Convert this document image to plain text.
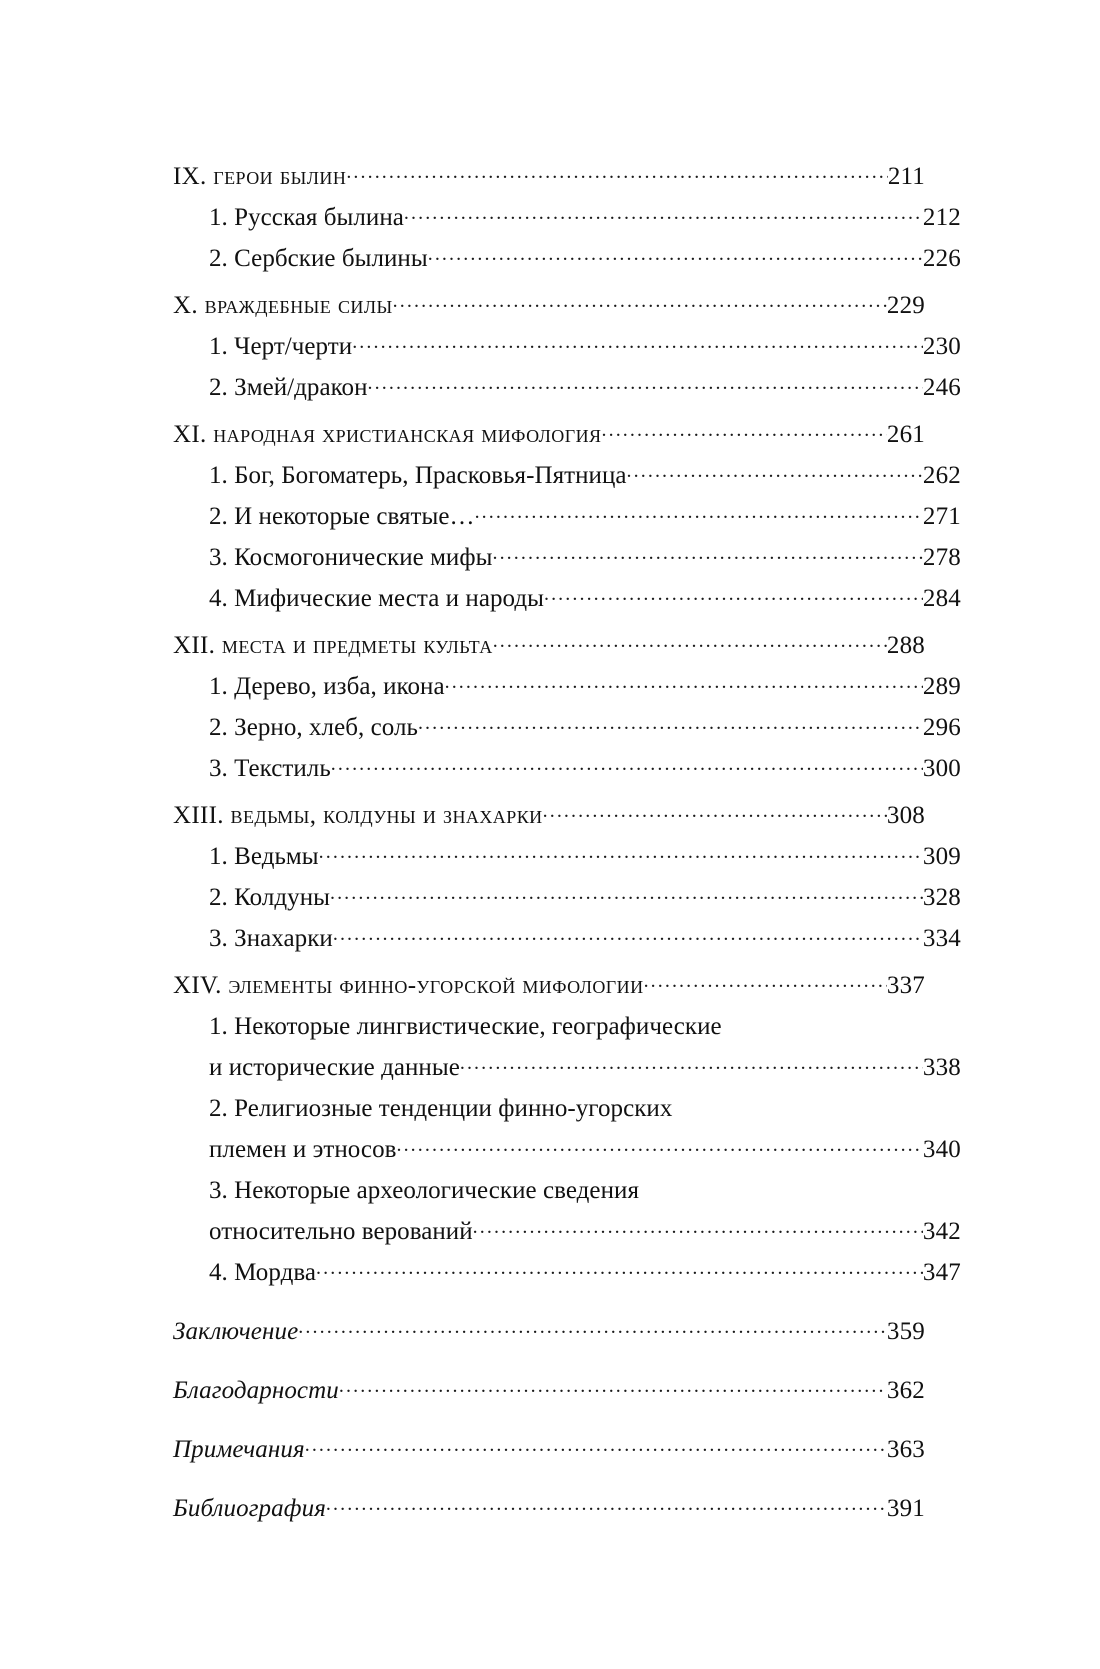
IX. герои былин .....	211
1. Русская былина .....	212
2. Сербские былины .....	226
X. враждебные силы .....	229
1. Черт/черти .....	230
2. Змей/дракон .....	246
XI. народная христианская мифология .....	261
1. Бог, Богоматерь, Прасковья-Пятница .....	262
2. И некоторые святые… .....	271
3. Космогонические мифы .....	278
4. Мифические места и народы .....	284
XII. места и предметы культа .....	288
1. Дерево, изба, икона .....	289
2. Зерно, хлеб, соль .....	296
3. Текстиль .....	300
XIII. ведьмы, колдуны и знахарки .....	308
1. Ведьмы .....	309
2. Колдуны .....	328
3. Знахарки .....	334
XIV. элементы финно-угорской мифологии .....	337
1. Некоторые лингвистические, географические
и исторические данные .....	338
2. Религиозные тенденции финно-угорских
племен и этносов .....	340
3. Некоторые археологические сведения
относительно верований .....	342
4. Мордва .....	347
Заключение .....	359
Благодарности .....	362
Примечания .....	363
Библиография .....	391
